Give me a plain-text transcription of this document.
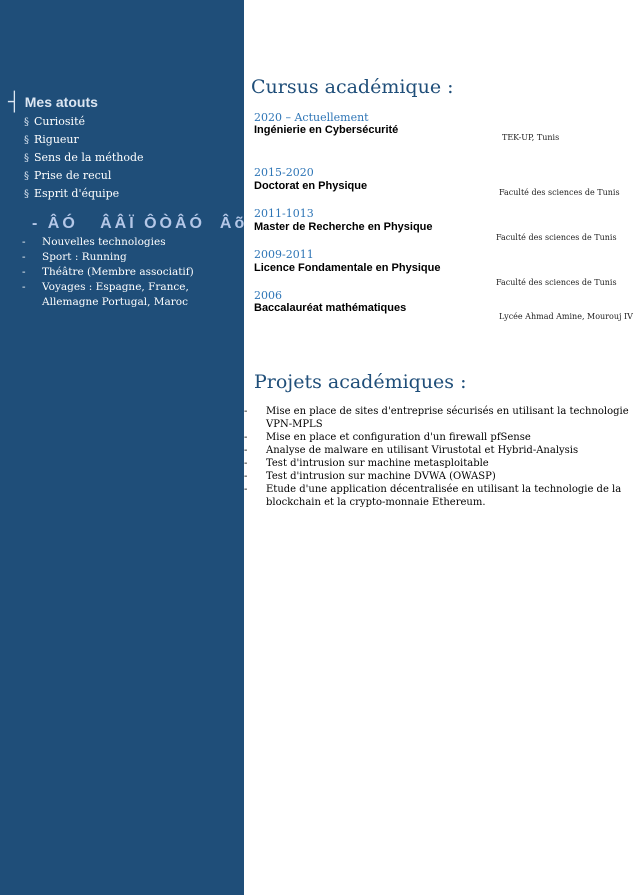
┤ Mes atouts
§ Curiosité
§ Rigueur
§ Sens de la méthode
§ Prise de recul
§ Esprit d'équipe
- ÂÓ   ÂÂÏ ÔÒÂÓ  Âõ
-	Nouvelles technologies
-	Sport : Running
-	Théâtre (Membre associatif)
-	Voyages : Espagne, France, Allemagne Portugal, Maroc
Cursus académique :
2020 – Actuellement
Ingénierie en Cybersécurité
TEK-UP, Tunis
2015-2020
Doctorat en Physique
Faculté des sciences de Tunis
2011-1013
Master de Recherche en Physique
Faculté des sciences de Tunis
2009-2011
Licence Fondamentale en Physique
Faculté des sciences de Tunis
2006
Baccalauréat mathématiques
Lycée Ahmad Amine, Mourouj IV
Projets académiques :
-	Mise en place de sites d'entreprise sécurisés en utilisant la technologie VPN-MPLS
-	Mise en place et configuration d'un firewall pfSense
-	Analyse de malware en utilisant Virustotal et Hybrid-Analysis
-	Test d'intrusion sur machine metasploitable
-	Test d'intrusion sur machine DVWA (OWASP)
-	Etude d'une application décentralisée en utilisant la technologie de la blockchain et la crypto-monnaie Ethereum.
